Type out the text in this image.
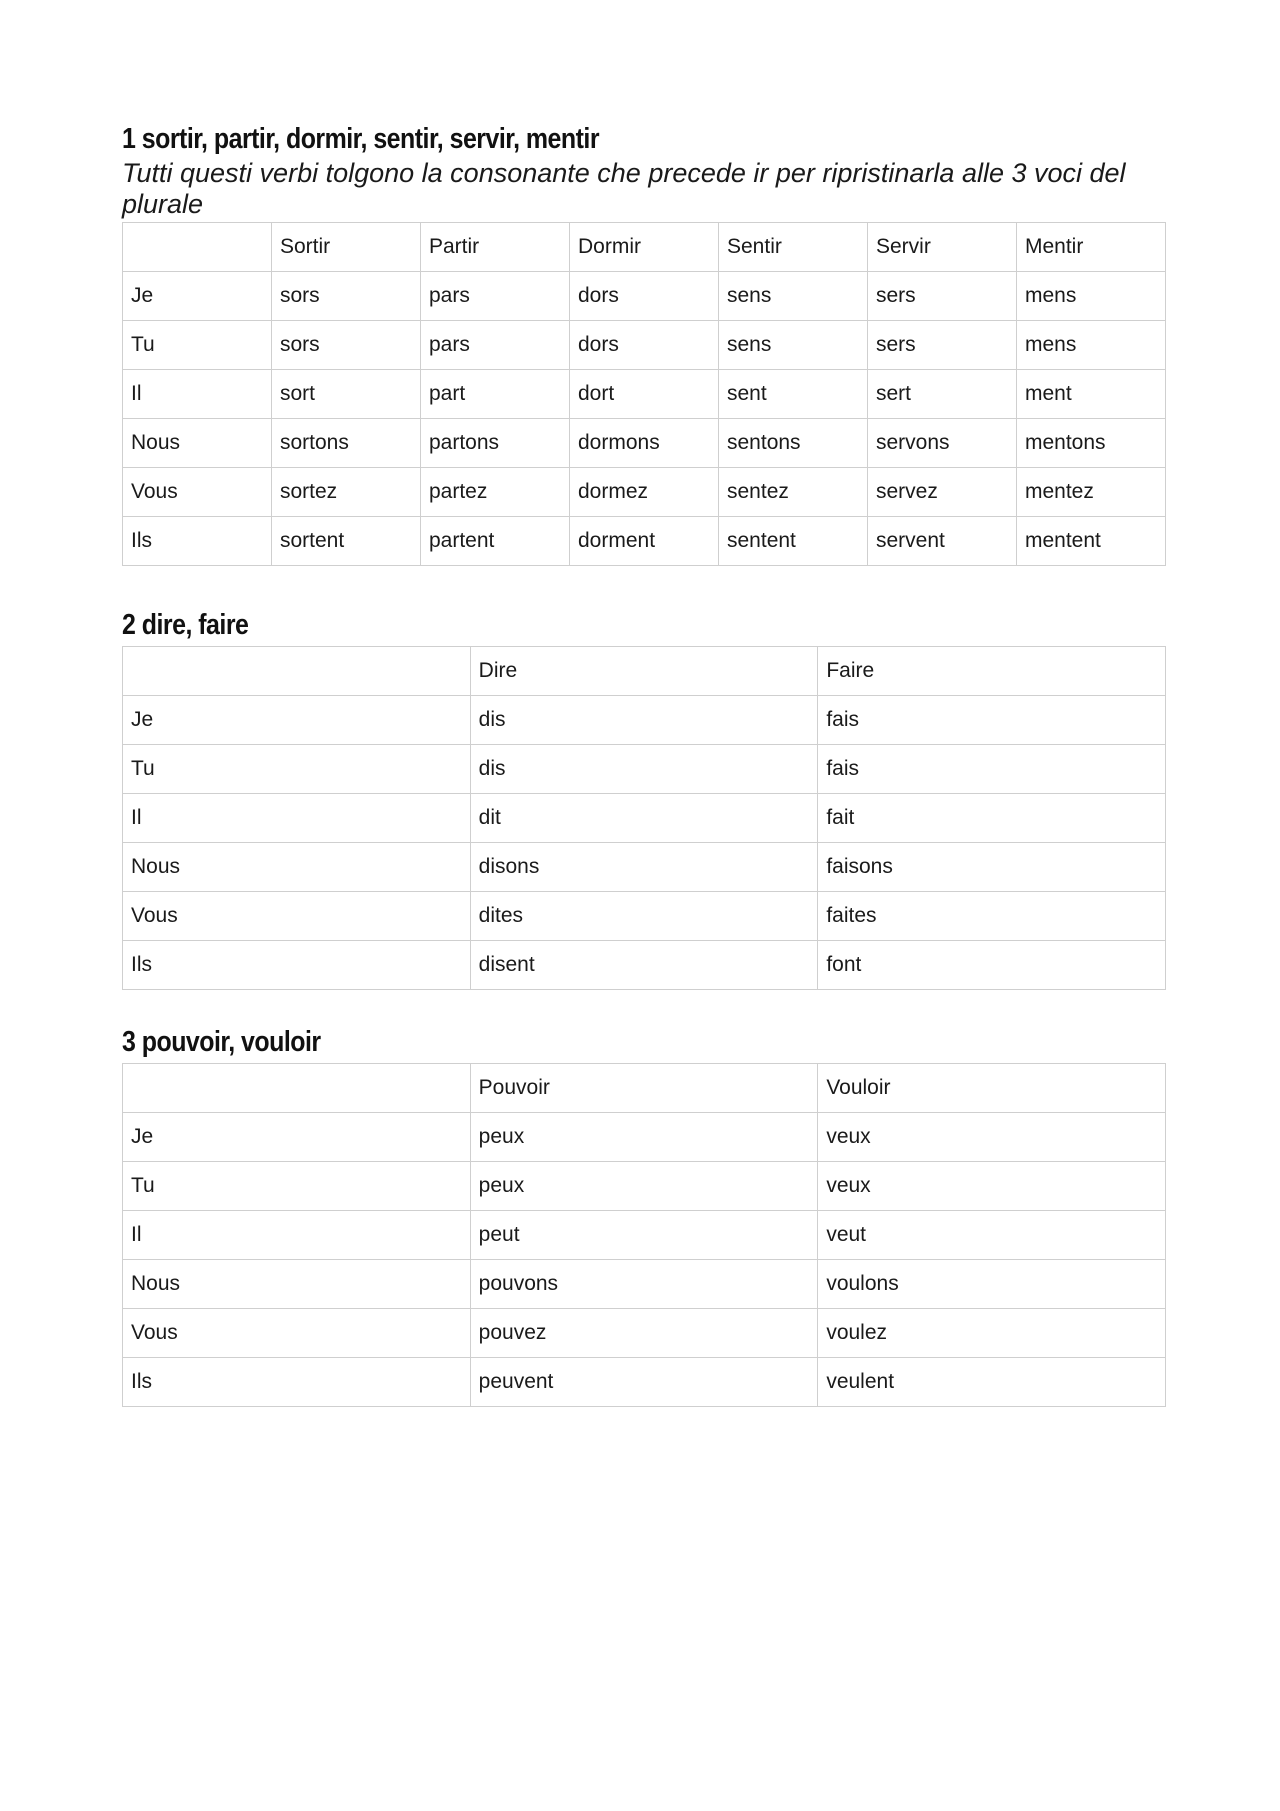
1 sortir, partir, dormir, sentir, servir, mentir

Tutti questi verbi tolgono la consonante che precede ir per ripristinarla alle 3 voci del plurale

	Sortir	Partir	Dormir	Sentir	Servir	Mentir
Je	sors	pars	dors	sens	sers	mens
Tu	sors	pars	dors	sens	sers	mens
Il	sort	part	dort	sent	sert	ment
Nous	sortons	partons	dormons	sentons	servons	mentons
Vous	sortez	partez	dormez	sentez	servez	mentez
Ils	sortent	partent	dorment	sentent	servent	mentent
2 dire, faire
	Dire	Faire
Je	dis	fais
Tu	dis	fais
Il	dit	fait
Nous	disons	faisons
Vous	dites	faites
Ils	disent	font
3 pouvoir, vouloir
	Pouvoir	Vouloir
Je	peux	veux
Tu	peux	veux
Il	peut	veut
Nous	pouvons	voulons
Vous	pouvez	voulez
Ils	peuvent	veulent
